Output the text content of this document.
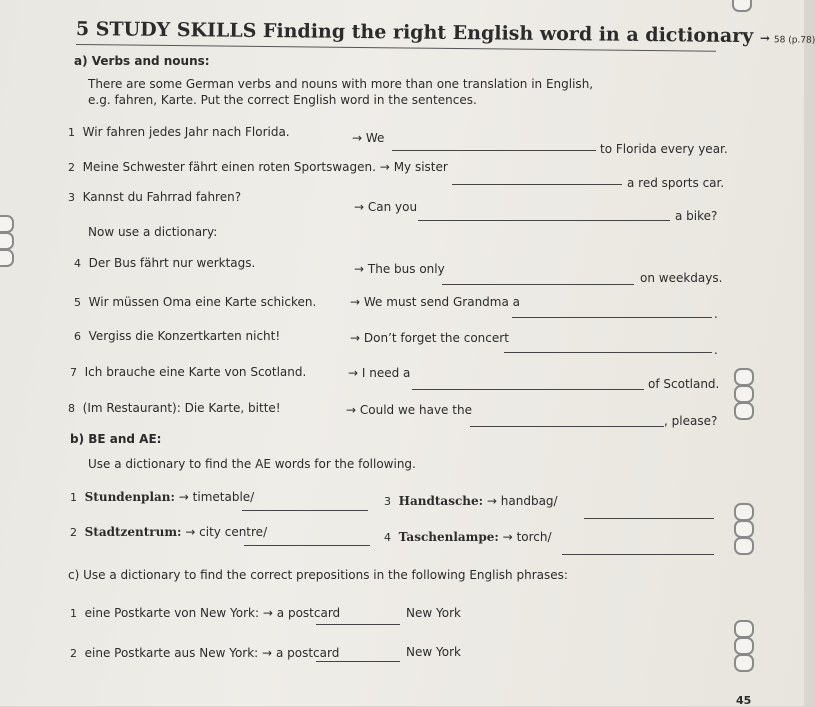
5 STUDY SKILLS Finding the right English word in a dictionary → 58 (p.78)
a) Verbs and nouns:
There are some German verbs and nouns with more than one translation in English,
e.g. fahren, Karte. Put the correct English word in the sentences.
1 Wir fahren jedes Jahr nach Florida.	→ We
to Florida every year.
2 Meine Schwester fährt einen roten Sportswagen. → My sister
a red sports car.
3 Kannst du Fahrrad fahren?
→ Can you
a bike?
Now use a dictionary:
4 Der Bus fährt nur werktags.	→ The bus only
on weekdays.
5 Wir müssen Oma eine Karte schicken.	→ We must send Grandma a
.
6 Vergiss die Konzertkarten nicht!	→ Don’t forget the concert
.
7 Ich brauche eine Karte von Scotland.	→ I need a
of Scotland.
8 (Im Restaurant): Die Karte, bitte!	→ Could we have the
, please?
b) BE and AE:
Use a dictionary to find the AE words for the following.
1 Stundenplan: → timetable/	3 Handtasche: → handbag/
2 Stadtzentrum: → city centre/	4 Taschenlampe: → torch/
c) Use a dictionary to find the correct prepositions in the following English phrases:
1 eine Postkarte von New York: → a postcard	New York
2 eine Postkarte aus New York: → a postcard	New York
45
